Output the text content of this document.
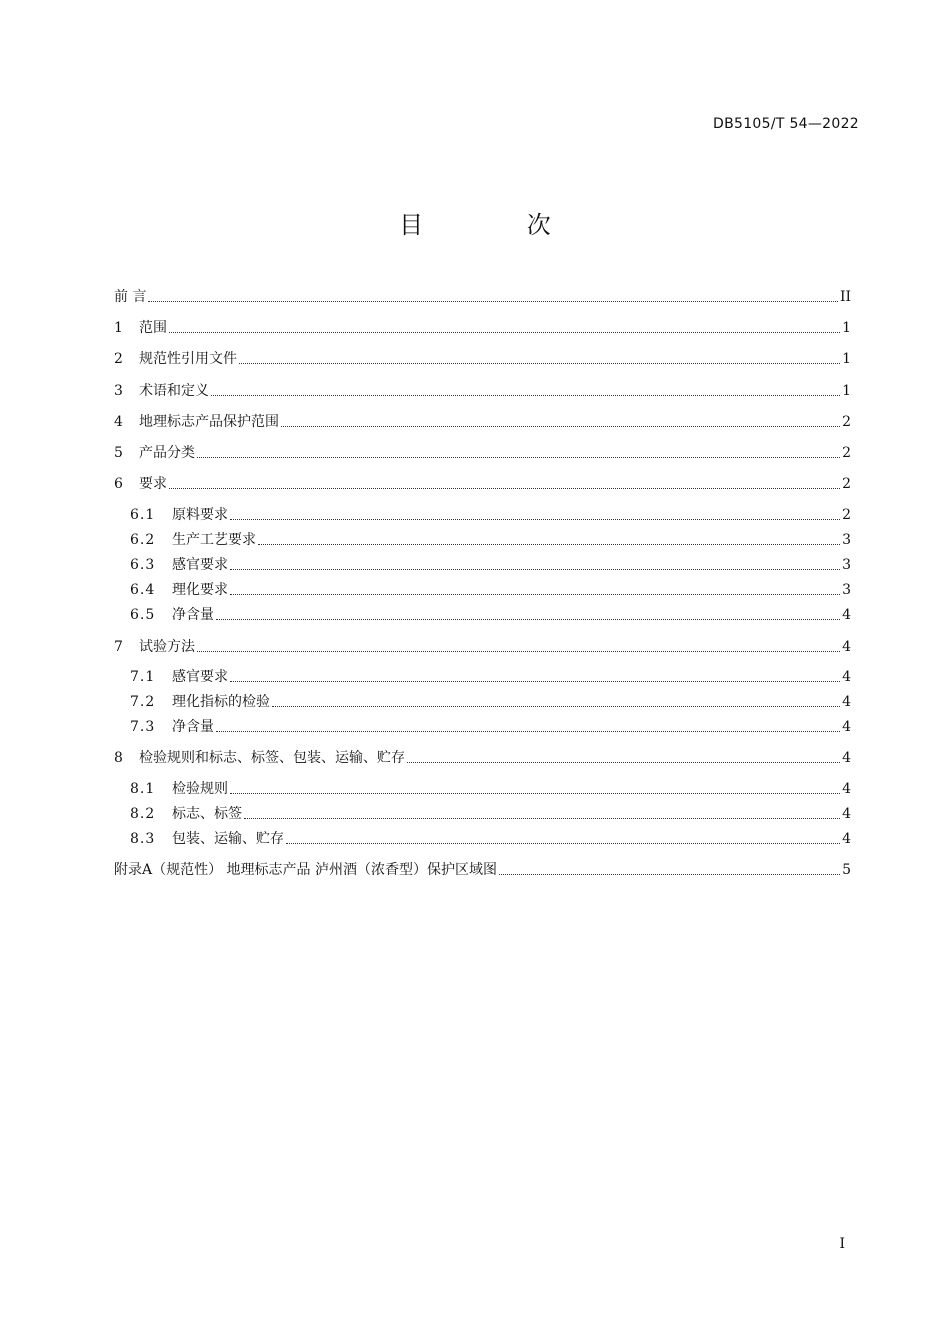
DB5105/T 54—2022
目 次
前 言	II
1	范围	1
2	规范性引用文件	1
3	术语和定义	1
4	地理标志产品保护范围	2
5	产品分类	2
6	要求	2
6.1	原料要求	2
6.2	生产工艺要求	3
6.3	感官要求	3
6.4	理化要求	3
6.5	净含量	4
7	试验方法	4
7.1	感官要求	4
7.2	理化指标的检验	4
7.3	净含量	4
8	检验规则和标志、标签、包装、运输、贮存	4
8.1	检验规则	4
8.2	标志、标签	4
8.3	包装、运输、贮存	4
附录A（规范性） 地理标志产品 泸州酒（浓香型）保护区域图	5
I
